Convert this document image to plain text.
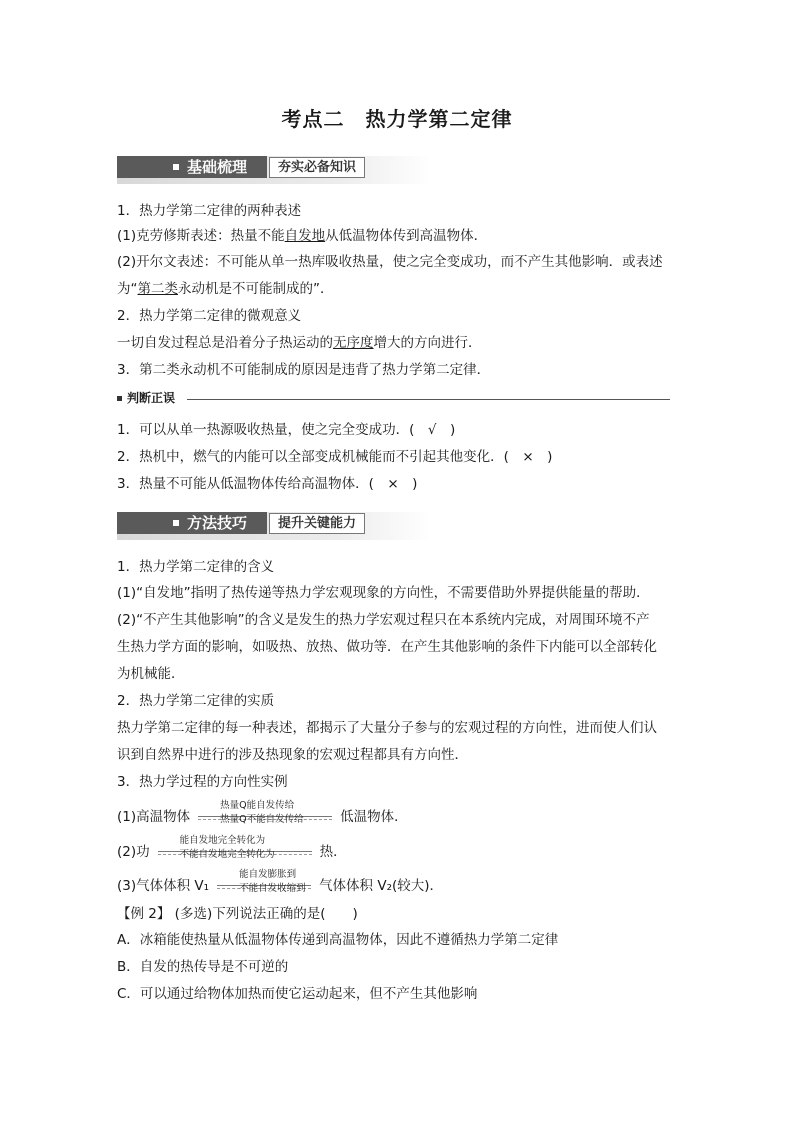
考点二　热力学第二定律
基础梳理	夯实必备知识
1．热力学第二定律的两种表述
(1)克劳修斯表述：热量不能自发地从低温物体传到高温物体．
(2)开尔文表述：不可能从单一热库吸收热量，使之完全变成功，而不产生其他影响．或表述
为“第二类永动机是不可能制成的”．
2．热力学第二定律的微观意义
一切自发过程总是沿着分子热运动的无序度增大的方向进行．
3．第二类永动机不可能制成的原因是违背了热力学第二定律．
判断正误
1．可以从单一热源吸收热量，使之完全变成功．(　√　)
2．热机中，燃气的内能可以全部变成机械能而不引起其他变化．(　×　)
3．热量不可能从低温物体传给高温物体．(　×　)
方法技巧	提升关键能力
1．热力学第二定律的含义
(1)“自发地”指明了热传递等热力学宏观现象的方向性，不需要借助外界提供能量的帮助．
(2)“不产生其他影响”的含义是发生的热力学宏观过程只在本系统内完成，对周围环境不产
生热力学方面的影响，如吸热、放热、做功等．在产生其他影响的条件下内能可以全部转化
为机械能．
2．热力学第二定律的实质
热力学第二定律的每一种表述，都揭示了大量分子参与的宏观过程的方向性，进而使人们认
识到自然界中进行的涉及热现象的宏观过程都具有方向性．
3．热力学过程的方向性实例
(1)高温物体
热量Q能自发传给
热量Q不能自发传给	低温物体．
(2)功
能自发地完全转化为
不能自发地完全转化为	热．
(3)气体体积 V₁
能自发膨胀到
不能自发收缩到 气体体积 V₂(较大)．
【例 2】 (多选)下列说法正确的是(　　)
A．冰箱能使热量从低温物体传递到高温物体，因此不遵循热力学第二定律
B．自发的热传导是不可逆的
C．可以通过给物体加热而使它运动起来，但不产生其他影响
